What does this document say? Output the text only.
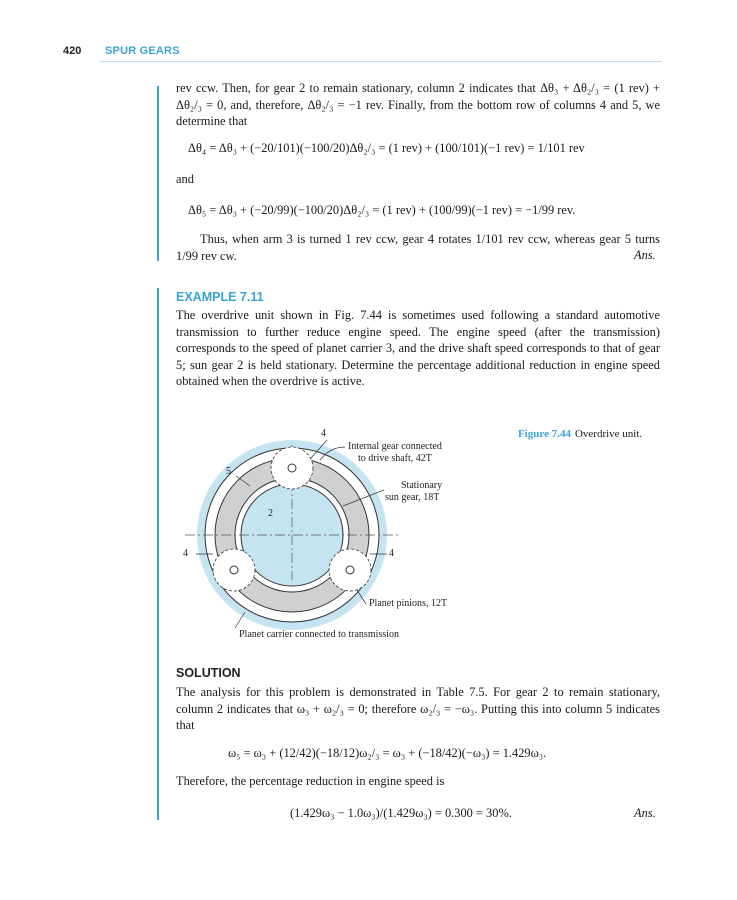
420 SPUR GEARS
rev ccw. Then, for gear 2 to remain stationary, column 2 indicates that Δθ₃ + Δθ₂/₃ = (1 rev) + Δθ₂/₃ = 0, and, therefore, Δθ₂/₃ = −1 rev. Finally, from the bottom row of columns 4 and 5, we determine that
Δθ₄ = Δθ₃ + (−20/101)(−100/20)Δθ₂/₃ = (1 rev) + (100/101)(−1 rev) = 1/101 rev
and
Δθ₅ = Δθ₃ + (−20/99)(−100/20)Δθ₂/₃ = (1 rev) + (100/99)(−1 rev) = −1/99 rev.
Thus, when arm 3 is turned 1 rev ccw, gear 4 rotates 1/101 rev ccw, whereas gear 5 turns 1/99 rev cw.	Ans.
EXAMPLE 7.11
The overdrive unit shown in Fig. 7.44 is sometimes used following a standard automotive transmission to further reduce engine speed. The engine speed (after the transmission) corresponds to the speed of planet carrier 3, and the drive shaft speed corresponds to that of gear 5; sun gear 2 is held stationary. Determine the percentage additional reduction in engine speed obtained when the overdrive is active.
Figure 7.44 Overdrive unit.
4
5
2
4	4
Internal gear connected
to drive shaft, 42T
Stationary
sun gear, 18T
Planet pinions, 12T
Planet carrier connected to transmission
SOLUTION
The analysis for this problem is demonstrated in Table 7.5. For gear 2 to remain stationary, column 2 indicates that ω₃ + ω₂/₃ = 0; therefore ω₂/₃ = −ω₃. Putting this into column 5 indicates that
ω₅ = ω₃ + (12/42)(−18/12)ω₂/₃ = ω₃ + (−18/42)(−ω₃) = 1.429ω₃.
Therefore, the percentage reduction in engine speed is
(1.429ω₃ − 1.0ω₃)/(1.429ω₃) = 0.300 = 30%.	Ans.
